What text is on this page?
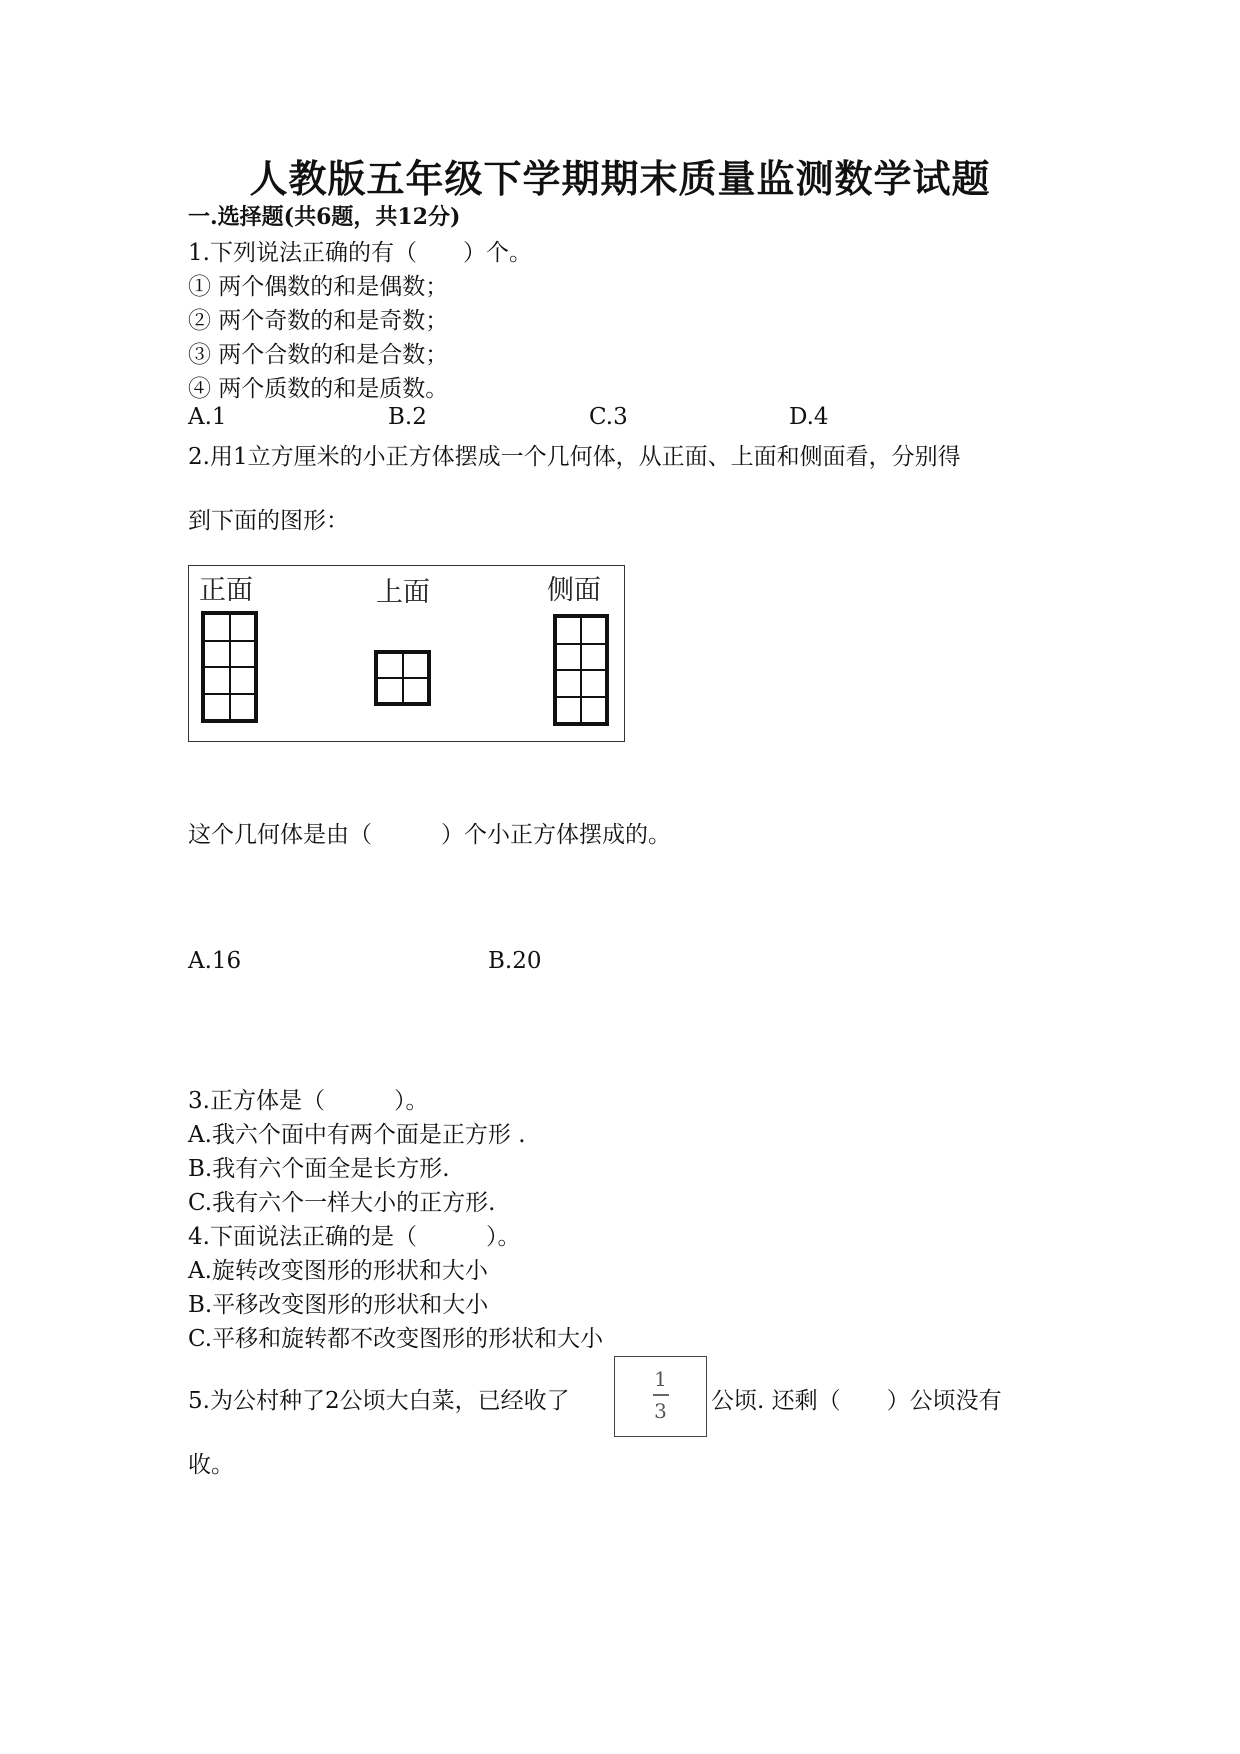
人教版五年级下学期期末质量监测数学试题
一.选择题(共6题，共12分)
1.下列说法正确的有（　　）个。
① 两个偶数的和是偶数；
② 两个奇数的和是奇数；
③ 两个合数的和是合数；
④ 两个质数的和是质数。
A.1	B.2	C.3	D.4
2.用1立方厘米的小正方体摆成一个几何体，从正面、上面和侧面看，分别得
到下面的图形：
正面	上面	侧面
这个几何体是由（　　　）个小正方体摆成的。
A.16	B.20
3.正方体是（　　　）。
A.我六个面中有两个面是正方形 .
B.我有六个面全是长方形.
C.我有六个一样大小的正方形.
4.下面说法正确的是（　　　）。
A.旋转改变图形的形状和大小
B.平移改变图形的形状和大小
C.平移和旋转都不改变图形的形状和大小
5.为公村种了2公顷大白菜，已经收了
1
3	公顷. 还剩（　　）公顷没有
收。
